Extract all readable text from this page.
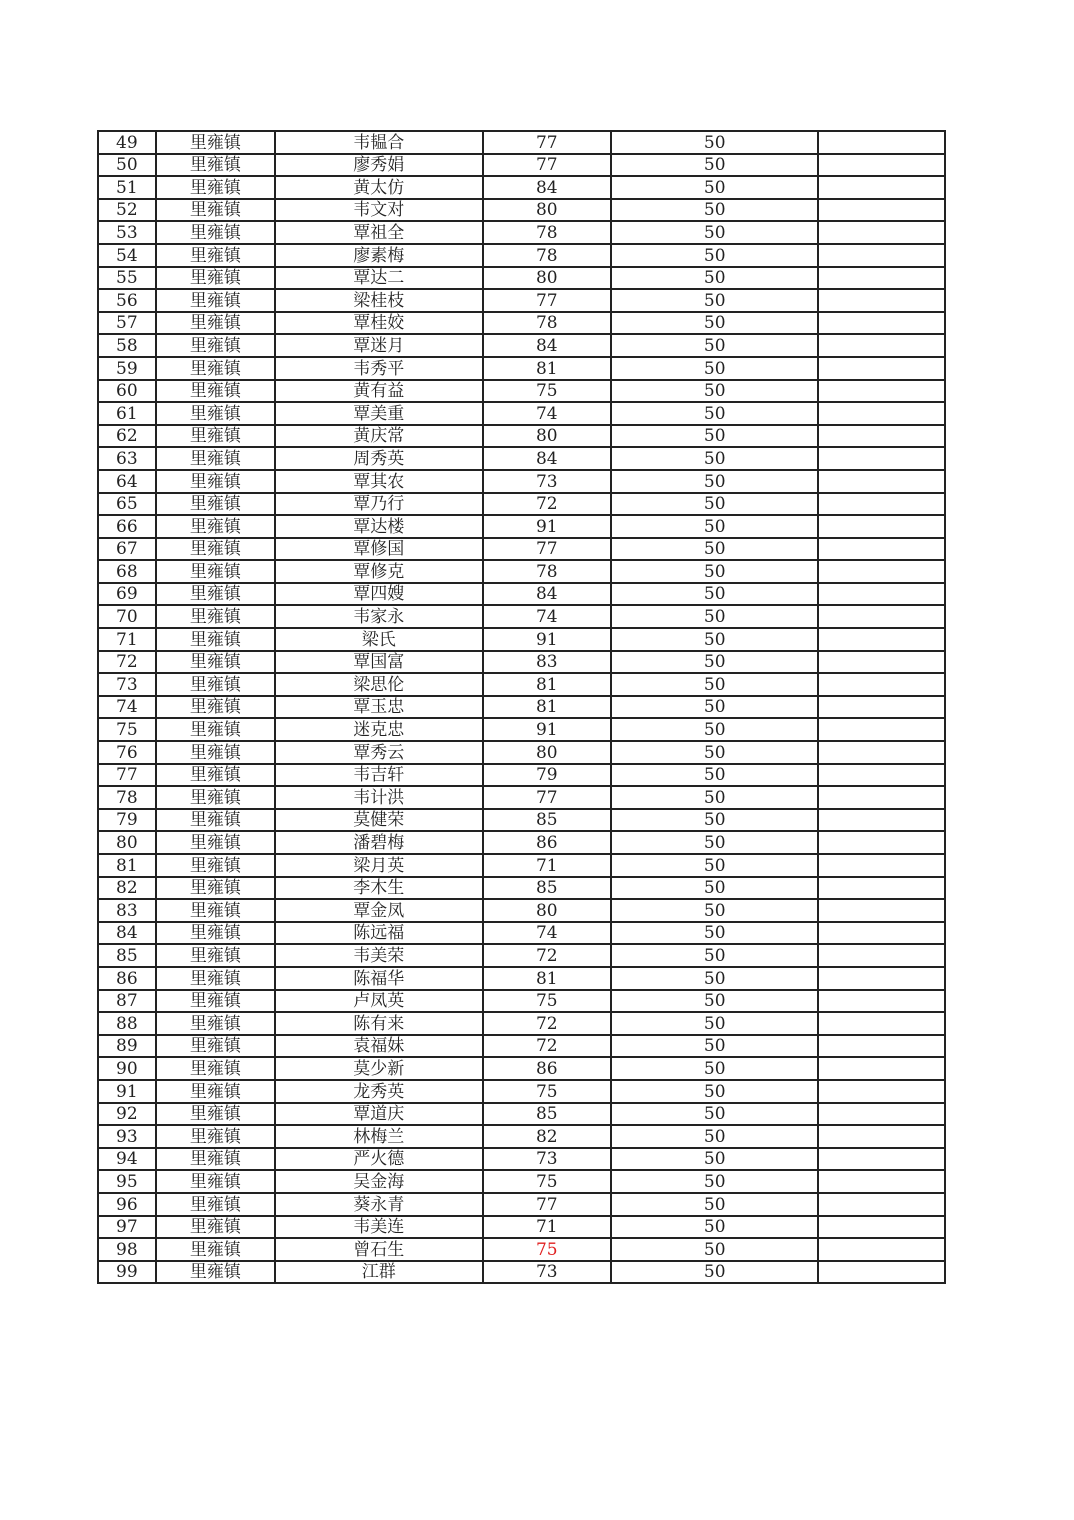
49	里雍镇	韦韫合	77	50	
50	里雍镇	廖秀娟	77	50	
51	里雍镇	黄太仿	84	50	
52	里雍镇	韦文对	80	50	
53	里雍镇	覃祖全	78	50	
54	里雍镇	廖素梅	78	50	
55	里雍镇	覃达二	80	50	
56	里雍镇	梁桂枝	77	50	
57	里雍镇	覃桂姣	78	50	
58	里雍镇	覃迷月	84	50	
59	里雍镇	韦秀平	81	50	
60	里雍镇	黄有益	75	50	
61	里雍镇	覃美重	74	50	
62	里雍镇	黄庆常	80	50	
63	里雍镇	周秀英	84	50	
64	里雍镇	覃其农	73	50	
65	里雍镇	覃乃行	72	50	
66	里雍镇	覃达楼	91	50	
67	里雍镇	覃修国	77	50	
68	里雍镇	覃修克	78	50	
69	里雍镇	覃四嫂	84	50	
70	里雍镇	韦家永	74	50	
71	里雍镇	梁氏	91	50	
72	里雍镇	覃国富	83	50	
73	里雍镇	梁思伦	81	50	
74	里雍镇	覃玉忠	81	50	
75	里雍镇	迷克忠	91	50	
76	里雍镇	覃秀云	80	50	
77	里雍镇	韦吉轩	79	50	
78	里雍镇	韦计洪	77	50	
79	里雍镇	莫健荣	85	50	
80	里雍镇	潘碧梅	86	50	
81	里雍镇	梁月英	71	50	
82	里雍镇	李木生	85	50	
83	里雍镇	覃金凤	80	50	
84	里雍镇	陈远福	74	50	
85	里雍镇	韦美荣	72	50	
86	里雍镇	陈福华	81	50	
87	里雍镇	卢凤英	75	50	
88	里雍镇	陈有来	72	50	
89	里雍镇	袁福妹	72	50	
90	里雍镇	莫少新	86	50	
91	里雍镇	龙秀英	75	50	
92	里雍镇	覃道庆	85	50	
93	里雍镇	林梅兰	82	50	
94	里雍镇	严火德	73	50	
95	里雍镇	吴金海	75	50	
96	里雍镇	葵永青	77	50	
97	里雍镇	韦美连	71	50	
98	里雍镇	曾石生	75	50	
99	里雍镇	江群	73	50	
